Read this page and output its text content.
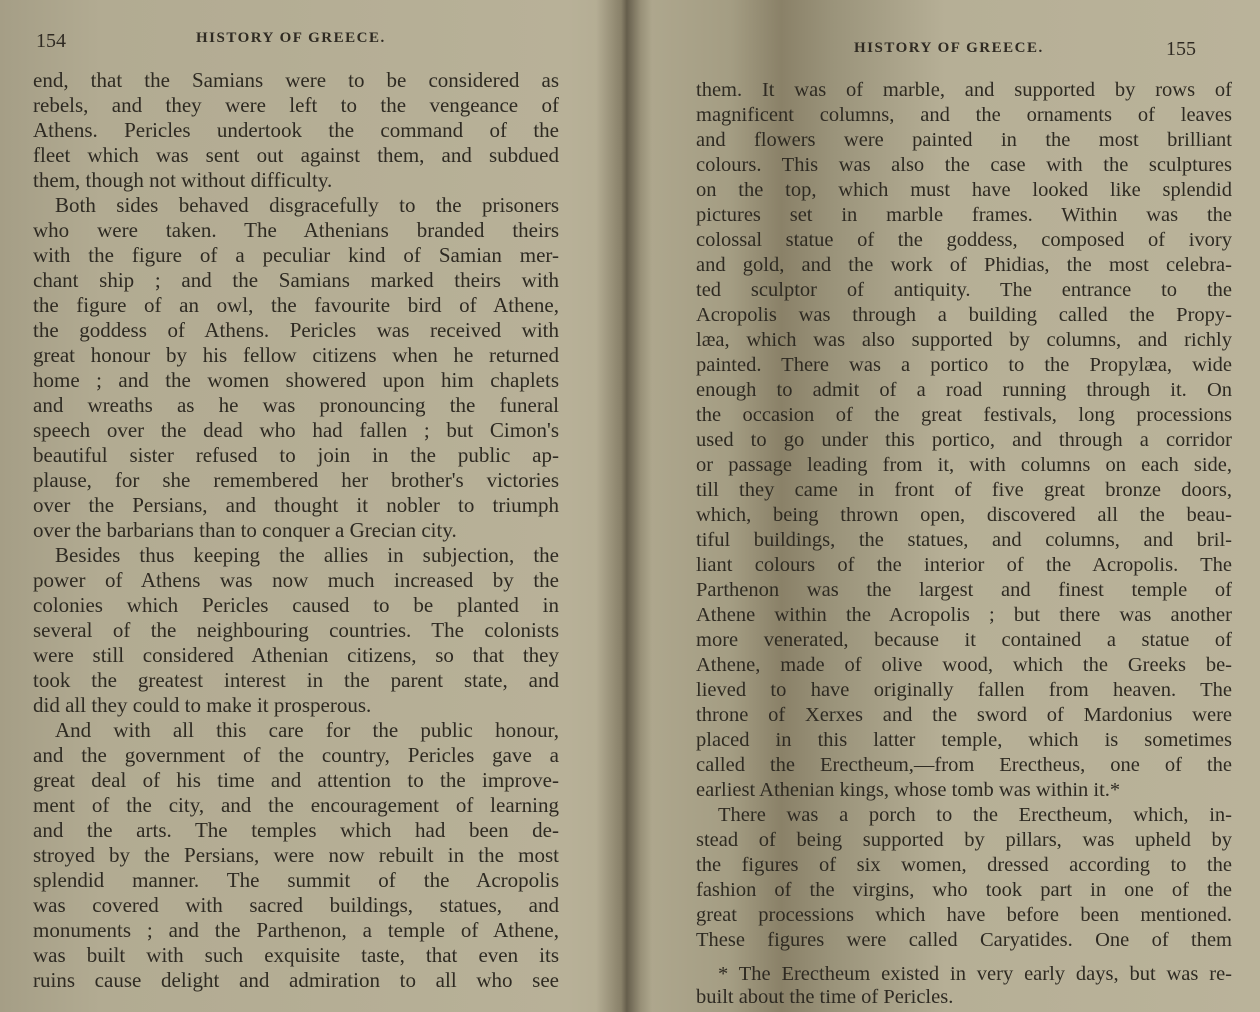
154	HISTORY OF GREECE.
end, that the Samians were to be considered as
rebels, and they were left to the vengeance of
Athens. Pericles undertook the command of the
fleet which was sent out against them, and subdued
them, though not without difficulty.
Both sides behaved disgracefully to the prisoners
who were taken. The Athenians branded theirs
with the figure of a peculiar kind of Samian mer-
chant ship ; and the Samians marked theirs with
the figure of an owl, the favourite bird of Athene,
the goddess of Athens. Pericles was received with
great honour by his fellow citizens when he returned
home ; and the women showered upon him chaplets
and wreaths as he was pronouncing the funeral
speech over the dead who had fallen ; but Cimon's
beautiful sister refused to join in the public ap-
plause, for she remembered her brother's victories
over the Persians, and thought it nobler to triumph
over the barbarians than to conquer a Grecian city.
Besides thus keeping the allies in subjection, the
power of Athens was now much increased by the
colonies which Pericles caused to be planted in
several of the neighbouring countries. The colonists
were still considered Athenian citizens, so that they
took the greatest interest in the parent state, and
did all they could to make it prosperous.
And with all this care for the public honour,
and the government of the country, Pericles gave a
great deal of his time and attention to the improve-
ment of the city, and the encouragement of learning
and the arts. The temples which had been de-
stroyed by the Persians, were now rebuilt in the most
splendid manner. The summit of the Acropolis
was covered with sacred buildings, statues, and
monuments ; and the Parthenon, a temple of Athene,
was built with such exquisite taste, that even its
ruins cause delight and admiration to all who see
HISTORY OF GREECE.	155
them. It was of marble, and supported by rows of
magnificent columns, and the ornaments of leaves
and flowers were painted in the most brilliant
colours. This was also the case with the sculptures
on the top, which must have looked like splendid
pictures set in marble frames. Within was the
colossal statue of the goddess, composed of ivory
and gold, and the work of Phidias, the most celebra-
ted sculptor of antiquity. The entrance to the
Acropolis was through a building called the Propy-
læa, which was also supported by columns, and richly
painted. There was a portico to the Propylæa, wide
enough to admit of a road running through it. On
the occasion of the great festivals, long processions
used to go under this portico, and through a corridor
or passage leading from it, with columns on each side,
till they came in front of five great bronze doors,
which, being thrown open, discovered all the beau-
tiful buildings, the statues, and columns, and bril-
liant colours of the interior of the Acropolis. The
Parthenon was the largest and finest temple of
Athene within the Acropolis ; but there was another
more venerated, because it contained a statue of
Athene, made of olive wood, which the Greeks be-
lieved to have originally fallen from heaven. The
throne of Xerxes and the sword of Mardonius were
placed in this latter temple, which is sometimes
called the Erectheum,—from Erectheus, one of the
earliest Athenian kings, whose tomb was within it.*
There was a porch to the Erectheum, which, in-
stead of being supported by pillars, was upheld by
the figures of six women, dressed according to the
fashion of the virgins, who took part in one of the
great processions which have before been mentioned.
These figures were called Caryatides. One of them
* The Erectheum existed in very early days, but was re-
built about the time of Pericles.
